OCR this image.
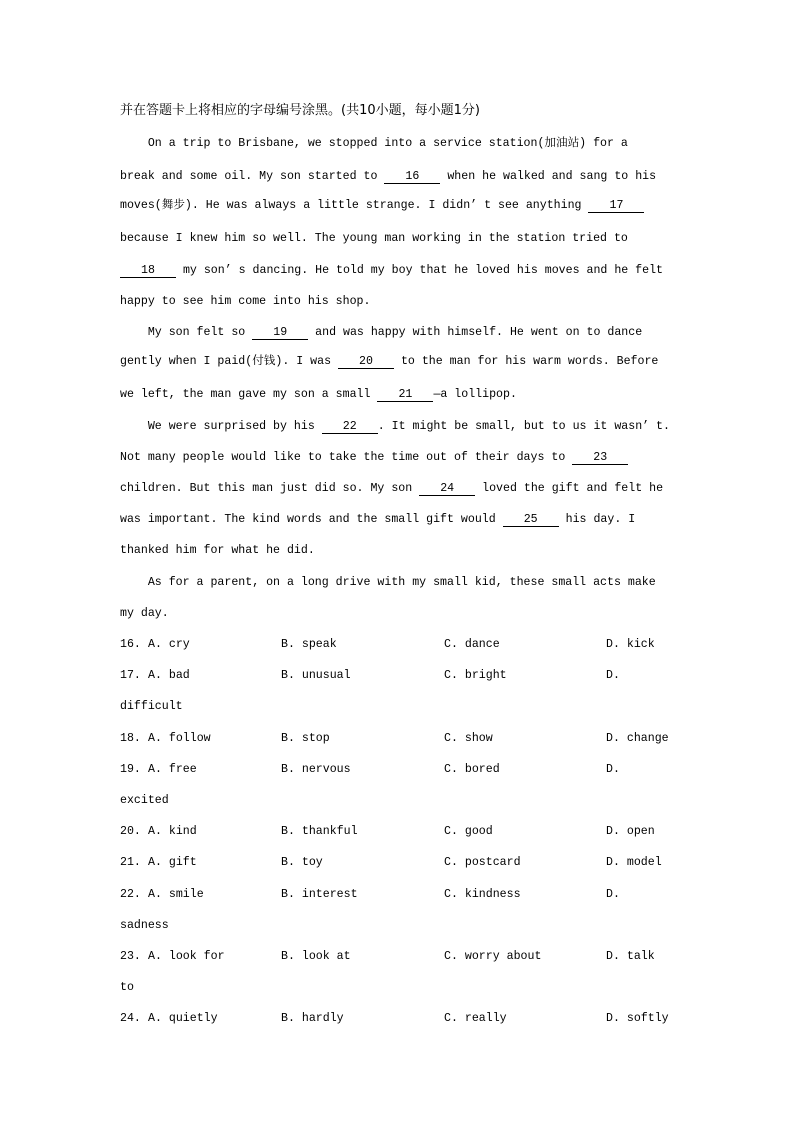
并在答题卡上将相应的字母编号涂黑。(共10小题，每小题1分)
On a trip to Brisbane, we stopped into a service station(加油站) for a
break and some oil. My son started to 16 when he walked and sang to his
moves(舞步). He was always a little strange. I didn’ t see anything 17
because I knew him so well. The young man working in the station tried to
18 my son’ s dancing. He told my boy that he loved his moves and he felt
happy to see him come into his shop.
My son felt so 19 and was happy with himself. He went on to dance
gently when I paid(付钱). I was 20 to the man for his warm words. Before
we left, the man gave my son a small 21 —a lollipop.
We were surprised by his 22 . It might be small, but to us it wasn’ t.
Not many people would like to take the time out of their days to 23
children. But this man just did so. My son 24 loved the gift and felt he
was important. The kind words and the small gift would 25 his day. I
thanked him for what he did.
As for a parent, on a long drive with my small kid, these small acts make
my day.
16. A. cry	B. speak	C. dance	D. kick
17. A. bad	B. unusual	C. bright	D.
difficult
18. A. follow	B. stop	C. show	D. change
19. A. free	B. nervous	C. bored	D.
excited
20. A. kind	B. thankful	C. good	D. open
21. A. gift	B. toy	C. postcard	D. model
22. A. smile	B. interest	C. kindness	D.
sadness
23. A. look for	B. look at	C. worry about	D. talk
to
24. A. quietly	B. hardly	C. really	D. softly
